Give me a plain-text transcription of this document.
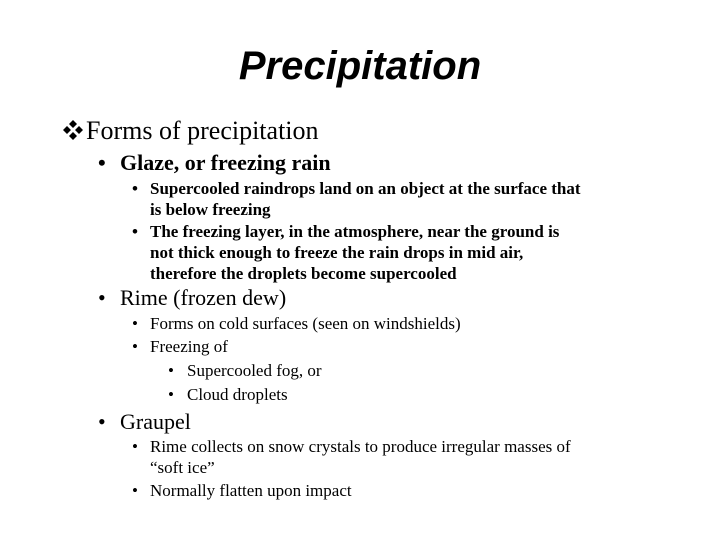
Precipitation
Forms of precipitation
• Glaze, or freezing rain
• Supercooled raindrops land on an object at the surface that
is below freezing
• The freezing layer, in the atmosphere, near the ground is
not thick enough to freeze the rain drops in mid air,
therefore the droplets become supercooled
• Rime (frozen dew)
• Forms on cold surfaces (seen on windshields)
• Freezing of
• Supercooled fog, or
• Cloud droplets
• Graupel
• Rime collects on snow crystals to produce irregular masses of
“soft ice”
• Normally flatten upon impact
